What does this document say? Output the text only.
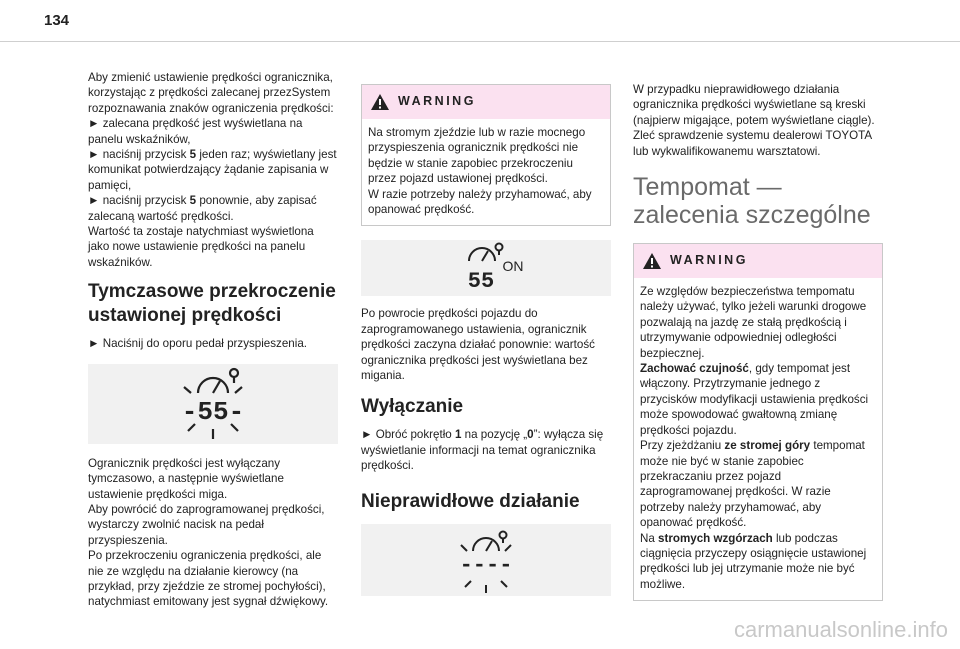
134

Aby zmienić ustawienie prędkości ogranicznika, korzystając z prędkości zalecanej przezSystem rozpoznawania znaków ograniczenia prędkości:
► zalecana prędkość jest wyświetlana na panelu wskaźników,
► naciśnij przycisk 5 jeden raz; wyświetlany jest komunikat potwierdzający żądanie zapisania w pamięci,
► naciśnij przycisk 5 ponownie, aby zapisać zalecaną wartość prędkości.
Wartość ta zostaje natychmiast wyświetlona jako nowe ustawienie prędkości na panelu wskaźników.

Tymczasowe przekroczenie ustawionej prędkości

► Naciśnij do oporu pedał przyspieszenia.

-55-

Ogranicznik prędkości jest wyłączany tymczasowo, a następnie wyświetlane ustawienie prędkości miga.
Aby powrócić do zaprogramowanej prędkości, wystarczy zwolnić nacisk na pedał przyspieszenia.
Po przekroczeniu ograniczenia prędkości, ale nie ze względu na działanie kierowcy (na przykład, przy zjeździe ze stromej pochyłości), natychmiast emitowany jest sygnał dźwiękowy.

WARNING

Na stromym zjeździe lub w razie mocnego przyspieszenia ogranicznik prędkości nie będzie w stanie zapobiec przekroczeniu przez pojazd ustawionej prędkości.
W razie potrzeby należy przyhamować, aby opanować prędkość.

55
ON

Po powrocie prędkości pojazdu do zaprogramowanego ustawienia, ogranicznik prędkości zaczyna działać ponownie: wartość ogranicznika prędkości jest wyświetlana bez migania.

Wyłączanie

► Obróć pokrętło 1 na pozycję „0”: wyłącza się wyświetlanie informacji na temat ogranicznika prędkości.

Nieprawidłowe działanie
----

W przypadku nieprawidłowego działania ogranicznika prędkości wyświetlane są kreski (najpierw migające, potem wyświetlane ciągle). Zleć sprawdzenie systemu dealerowi TOYOTA lub wykwalifikowanemu warsztatowi.

Tempomat — zalecenia szczególne
WARNING

Ze względów bezpieczeństwa tempomatu należy używać, tylko jeżeli warunki drogowe pozwalają na jazdę ze stałą prędkością i utrzymywanie odpowiedniej odległości bezpiecznej.

Zachować czujność, gdy tempomat jest włączony. Przytrzymanie jednego z przycisków modyfikacji ustawienia prędkości może spowodować gwałtowną zmianę prędkości pojazdu.

Przy zjeżdżaniu ze stromej góry tempomat może nie być w stanie zapobiec przekraczaniu przez pojazd zaprogramowanej prędkości. W razie potrzeby należy przyhamować, aby opanować prędkość.

Na stromych wzgórzach lub podczas ciągnięcia przyczepy osiągnięcie ustawionej prędkości lub jej utrzymanie może nie być możliwe.

carmanualsonline.info
